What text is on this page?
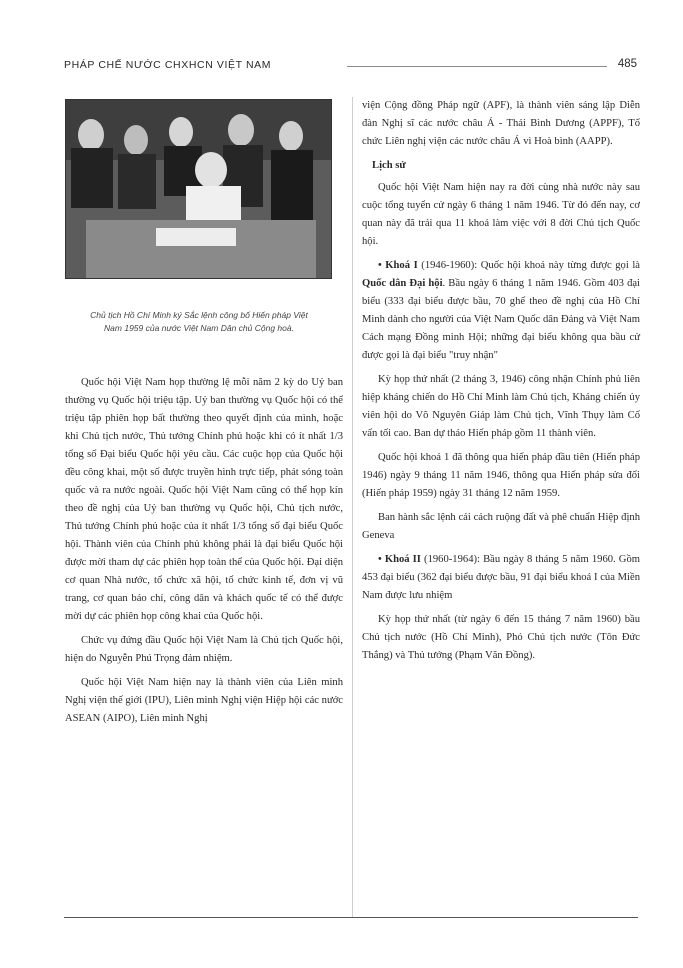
PHÁP CHẾ NƯỚC CHXHCN VIỆT NAM	485
Chủ tịch Hồ Chí Minh ký Sắc lệnh công bố Hiến pháp Việt Nam 1959 của nước Việt Nam Dân chủ Cộng hoà.

Quốc hội Việt Nam họp thường lệ mỗi năm 2 kỳ do Uỷ ban thường vụ Quốc hội triệu tập. Uỷ ban thường vụ Quốc hội có thể triệu tập phiên họp bất thường theo quyết định của mình, hoặc khi Chủ tịch nước, Thủ tướng Chính phủ hoặc khi có ít nhất 1/3 tổng số Đại biểu Quốc hội yêu cầu. Các cuộc họp của Quốc hội đều công khai, một số được truyền hình trực tiếp, phát sóng toàn quốc và ra nước ngoài. Quốc hội Việt Nam cũng có thể họp kín theo đề nghị của Uỷ ban thường vụ Quốc hội, Chủ tịch nước, Thủ tướng Chính phủ hoặc của ít nhất 1/3 tổng số đại biểu Quốc hội. Thành viên của Chính phủ không phải là đại biểu Quốc hội được mời tham dự các phiên họp toàn thể của Quốc hội. Đại diện cơ quan Nhà nước, tổ chức xã hội, tổ chức kinh tế, đơn vị vũ trang, cơ quan báo chí, công dân và khách quốc tế có thể được mời dự các phiên họp công khai của Quốc hội.

Chức vụ đứng đầu Quốc hội Việt Nam là Chủ tịch Quốc hội, hiện do Nguyễn Phú Trọng đảm nhiệm.

Quốc hội Việt Nam hiện nay là thành viên của Liên minh Nghị viện thế giới (IPU), Liên minh Nghị viện Hiệp hội các nước ASEAN (AIPO), Liên minh Nghị

viện Cộng đồng Pháp ngữ (APF), là thành viên sáng lập Diễn đàn Nghị sĩ các nước châu Á - Thái Bình Dương (APPF), Tổ chức Liên nghị viện các nước châu Á vì Hoà bình (AAPP).

Lịch sử

Quốc hội Việt Nam hiện nay ra đời cùng nhà nước này sau cuộc tổng tuyển cử ngày 6 tháng 1 năm 1946. Từ đó đến nay, cơ quan này đã trải qua 11 khoá làm việc với 8 đời Chủ tịch Quốc hội.

• Khoá I (1946-1960): Quốc hội khoá này từng được gọi là Quốc dân Đại hội. Bầu ngày 6 tháng 1 năm 1946. Gồm 403 đại biểu (333 đại biểu được bầu, 70 ghế theo đề nghị của Hồ Chí Minh dành cho người của Việt Nam Quốc dân Đảng và Việt Nam Cách mạng Đồng minh Hội; những đại biểu không qua bầu cử được gọi là đại biểu "truy nhận"

Kỳ họp thứ nhất (2 tháng 3, 1946) công nhận Chính phủ liên hiệp kháng chiến do Hồ Chí Minh làm Chủ tịch, Kháng chiến ủy viên hội do Võ Nguyên Giáp làm Chủ tịch, Vĩnh Thụy làm Cố vấn tối cao. Ban dự thảo Hiến pháp gồm 11 thành viên.

Quốc hội khoá 1 đã thông qua hiến pháp đầu tiên (Hiến pháp 1946) ngày 9 tháng 11 năm 1946, thông qua Hiến pháp sửa đổi (Hiến pháp 1959) ngày 31 tháng 12 năm 1959.

Ban hành sắc lệnh cải cách ruộng đất và phê chuẩn Hiệp định Geneva

• Khoá II (1960-1964): Bầu ngày 8 tháng 5 năm 1960. Gồm 453 đại biểu (362 đại biểu được bầu, 91 đại biểu khoá I của Miền Nam được lưu nhiệm

Kỳ họp thứ nhất (từ ngày 6 đến 15 tháng 7 năm 1960) bầu Chủ tịch nước (Hồ Chí Minh), Phó Chủ tịch nước (Tôn Đức Thắng) và Thủ tướng (Phạm Văn Đồng).
